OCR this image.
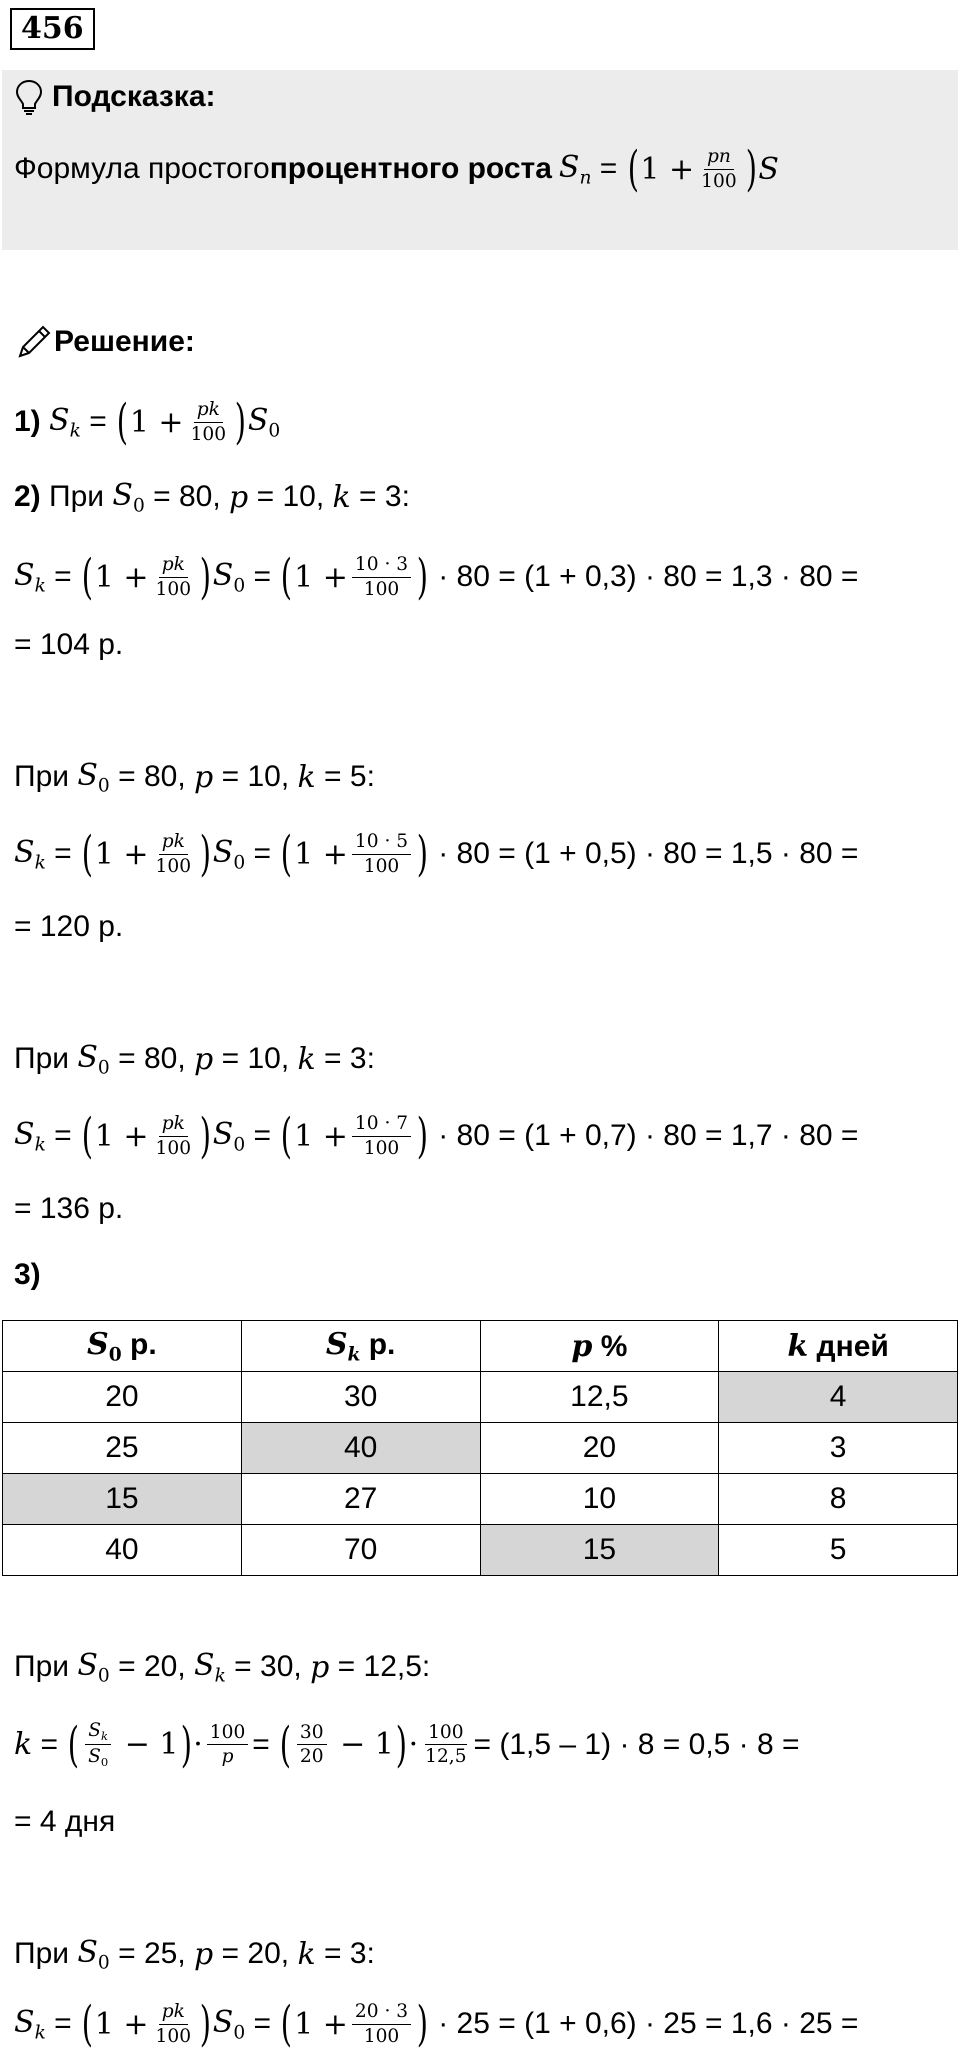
456
Подсказка:
Формула простого процентного роста $S_n$ = ( $1 + \frac{pn}{100}$ ) S
Решение:
1)
$S_k$ = ( $1 + \frac{pk}{100}$ ) $S_0$
2)
При
$S_0 = 80$ , p = 10 , k = 3 :
$S_k$ = ( $1 + \frac{pk}{100}$ ) $S_0$ = ( $1 + \frac{10 \cdot 3}{100}$ )
· 80 = (1 + 0,3) · 80 = 1,3 · 80 =
= 104 р.
При
$S_0 = 80$ , p = 10 , k = 5 :
$S_k$ = ( $1 + \frac{pk}{100}$ ) $S_0$ = ( $1 + \frac{10 \cdot 5}{100}$ )
· 80 = (1 + 0,5) · 80 = 1,5 · 80 =
= 120 р.
При
$S_0 = 80$ , p = 10 , k = 3 :
$S_k$ = ( $1 + \frac{pk}{100}$ ) $S_0$ = ( $1 + \frac{10 \cdot 7}{100}$ )
· 80 = (1 + 0,7) · 80 = 1,7 · 80 =
= 136 р.
3)
$S_0$ р.	$S_k$ р.	p %	k дней
20	30	12,5	4
25	40	20	3
15	27	10	8
40	70	15	5
При $S_0 = 20$ , $S_k = 30$ , p = 12,5 :
k = ( $\frac{S_k}{S_0} - 1$ ) · $\frac{100}{p}$ = ( $\frac{30}{20} - 1$ ) · $\frac{100}{12,5} = (1,5 - 1) \cdot 8 = 0,5 \cdot 8$ =
= 4 дня
При $S_0 = 25$ , p = 20 , k = 3 :
$S_k$ = ( $1 + \frac{pk}{100}$ ) $S_0$ = ( $1 + \frac{20 \cdot 3}{100}$ )
· 25 = (1 + 0,6) · 25 = 1,6 · 25 =
